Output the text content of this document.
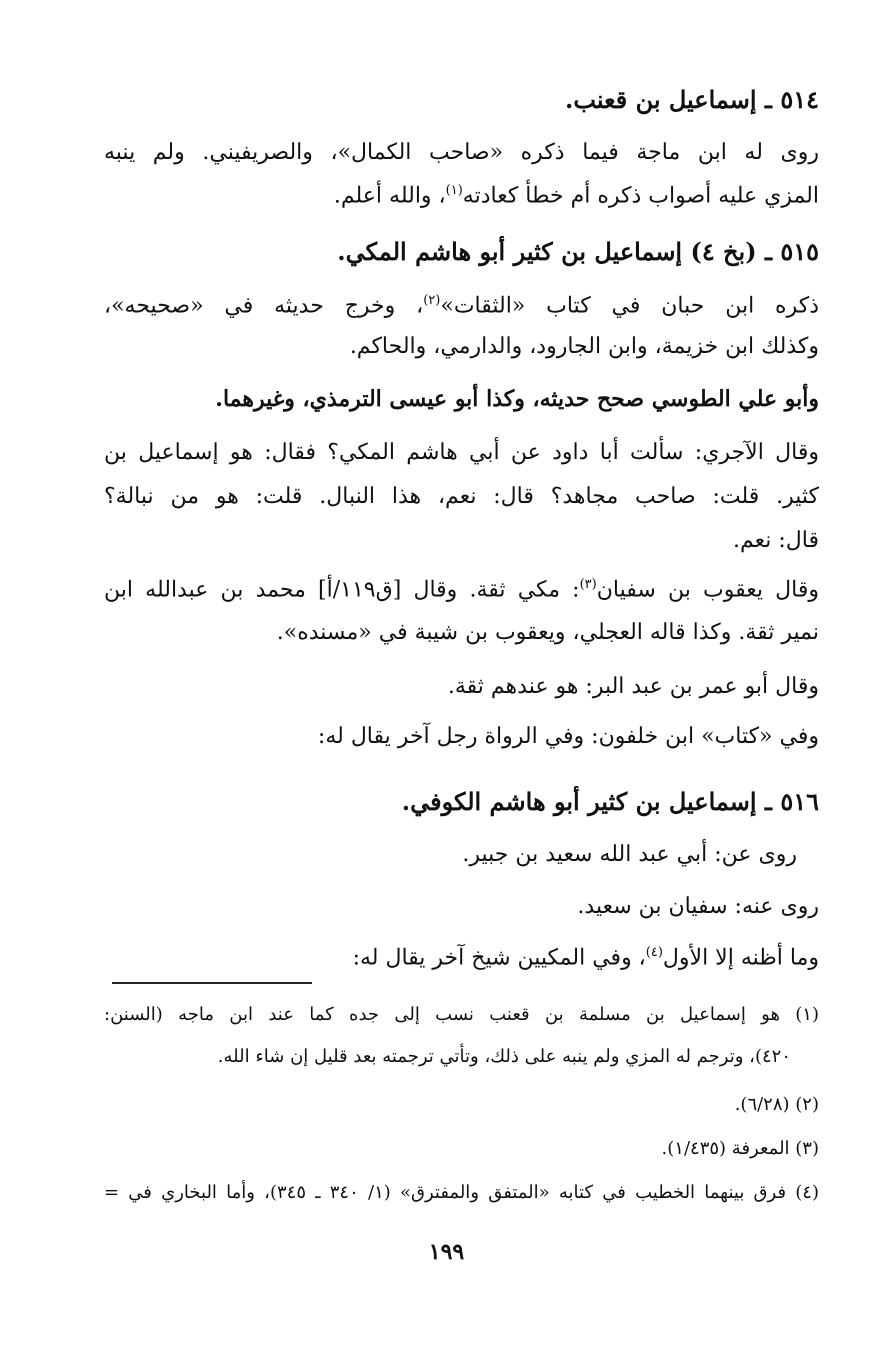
٥١٤ ـ إسماعيل بن قعنب.
روى له ابن ماجة فيما ذكره «صاحب الكمال»، والصريفيني. ولم ينبه
المزي عليه أصواب ذكره أم خطأ كعادته$^{(١)}$، والله أعلم.
٥١٥ ـ (بخ ٤) إسماعيل بن كثير أبو هاشم المكي.
ذكره ابن حبان في كتاب «الثقات»$^{(٢)}$، وخرج حديثه في «صحيحه»،
وكذلك ابن خزيمة، وابن الجارود، والدارمي، والحاكم.
وأبو علي الطوسي صحح حديثه، وكذا أبو عيسى الترمذي، وغيرهما.
وقال الآجري: سألت أبا داود عن أبي هاشم المكي؟ فقال: هو إسماعيل بن
كثير. قلت: صاحب مجاهد؟ قال: نعم، هذا النبال. قلت: هو من نبالة؟
قال: نعم.
وقال يعقوب بن سفيان$^{(٣)}$: مكي ثقة. وقال [ق١١٩/أ] محمد بن عبدالله ابن
نمير ثقة. وكذا قاله العجلي، ويعقوب بن شيبة في «مسنده».
وقال أبو عمر بن عبد البر: هو عندهم ثقة.
وفي «كتاب» ابن خلفون: وفي الرواة رجل آخر يقال له:
٥١٦ ـ إسماعيل بن كثير أبو هاشم الكوفي.
روى عن: أبي عبد الله سعيد بن جبير.
روى عنه: سفيان بن سعيد.
وما أظنه إلا الأول$^{(٤)}$، وفي المكيين شيخ آخر يقال له:
(١) هو إسماعيل بن مسلمة بن قعنب نسب إلى جده كما عند ابن ماجه (السنن:
٤٢٠)، وترجم له المزي ولم ينبه على ذلك، وتأتي ترجمته بعد قليل إن شاء الله.
(٢) (٦/٢٨).
(٣) المعرفة (١/٤٣٥).
(٤) فرق بينهما الخطيب في كتابه «المتفق والمفترق» (١/ ٣٤٠ ـ ٣٤٥)، وأما البخاري في =
١٩٩
